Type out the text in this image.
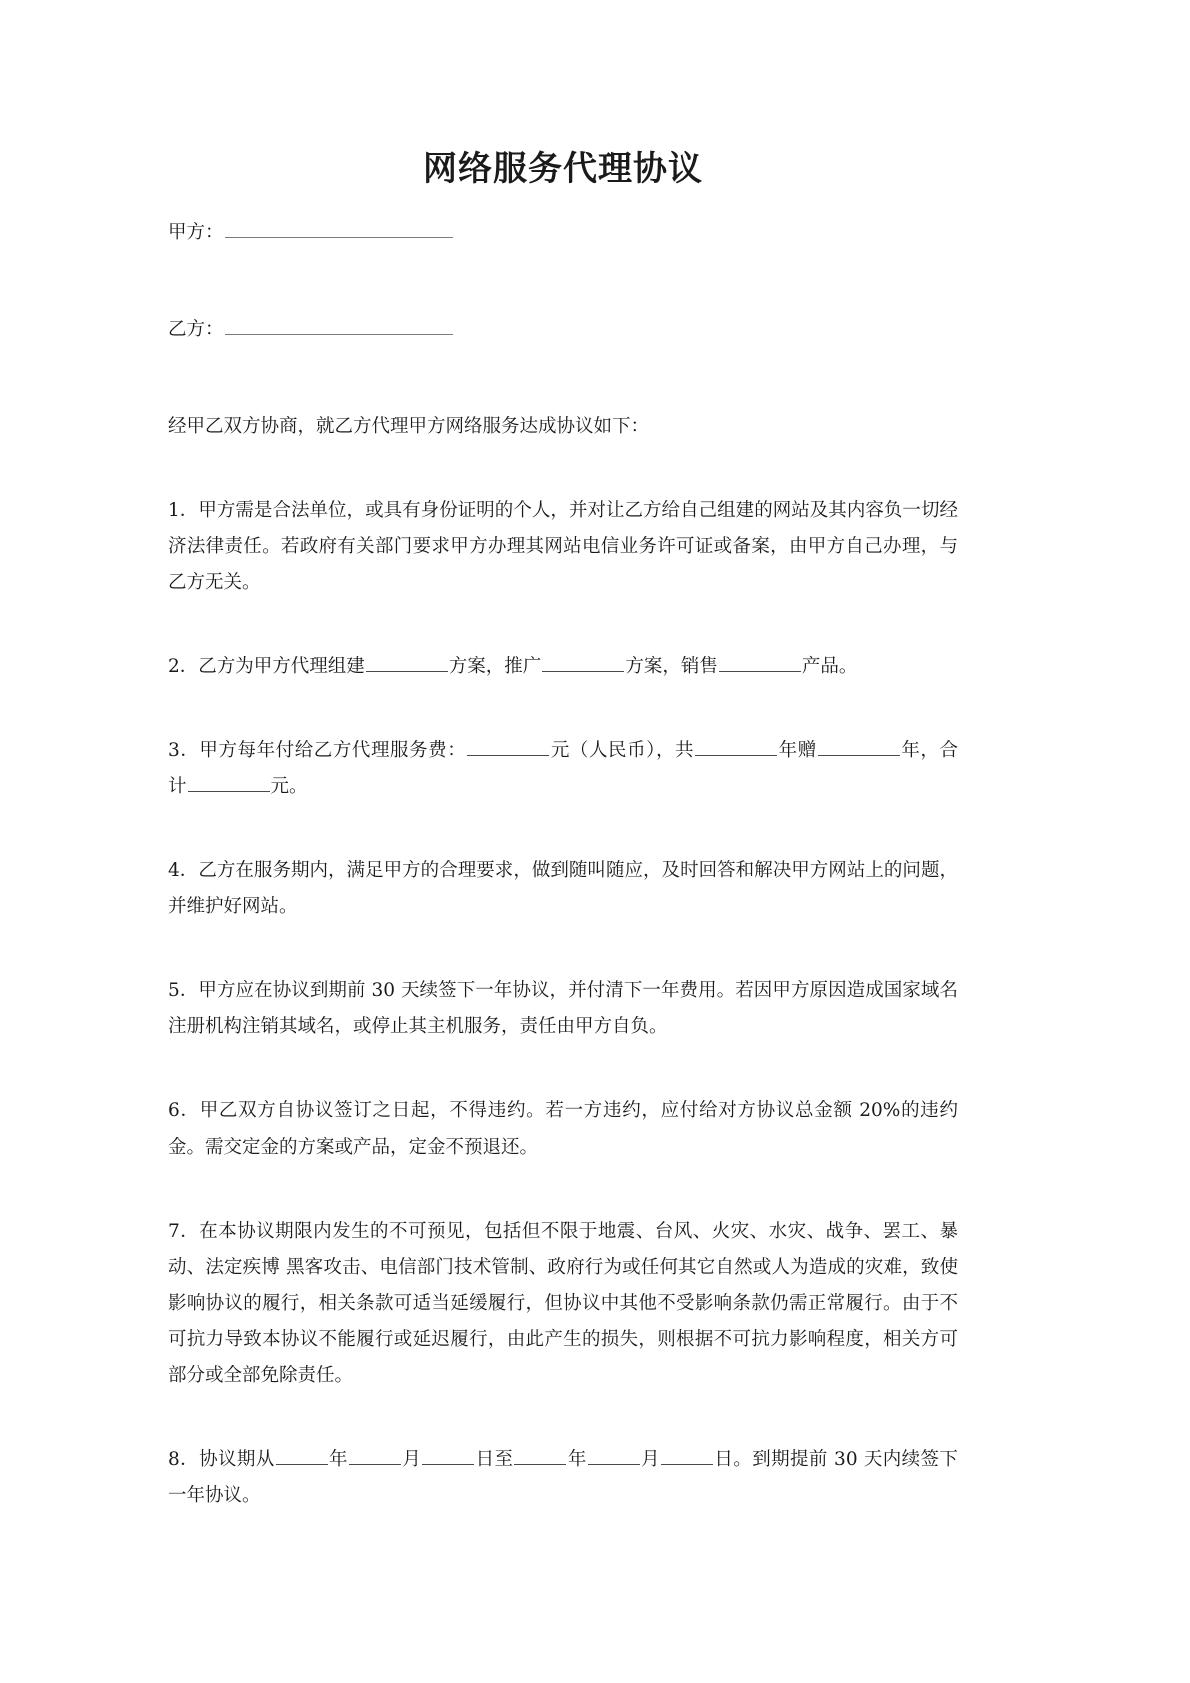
网络服务代理协议

甲方：

乙方：

经甲乙双方协商，就乙方代理甲方网络服务达成协议如下：

1．甲方需是合法单位，或具有身份证明的个人，并对让乙方给自己组建的网站及其内容负一切经济法律责任。若政府有关部门要求甲方办理其网站电信业务许可证或备案，由甲方自己办理，与乙方无关。

2．乙方为甲方代理组建	方案，推广	方案，销售	产品。

3．甲方每年付给乙方代理服务费：	元（人民币），共	年赠	年，合计	元。

4．乙方在服务期内，满足甲方的合理要求，做到随叫随应，及时回答和解决甲方网站上的问题，并维护好网站。

5．甲方应在协议到期前 30 天续签下一年协议，并付清下一年费用。若因甲方原因造成国家域名注册机构注销其域名，或停止其主机服务，责任由甲方自负。

6．甲乙双方自协议签订之日起，不得违约。若一方违约，应付给对方协议总金额 20%的违约金。需交定金的方案或产品，定金不预退还。

7．在本协议期限内发生的不可预见，包括但不限于地震、台风、火灾、水灾、战争、罢工、暴动、法定疾博 黑客攻击、电信部门技术管制、政府行为或任何其它自然或人为造成的灾难，致使影响协议的履行，相关条款可适当延缓履行，但协议中其他不受影响条款仍需正常履行。由于不可抗力导致本协议不能履行或延迟履行，由此产生的损失，则根据不可抗力影响程度，相关方可部分或全部免除责任。

8．协议期从	年	月	日至	年	月	日。到期提前 30 天内续签下一年协议。
